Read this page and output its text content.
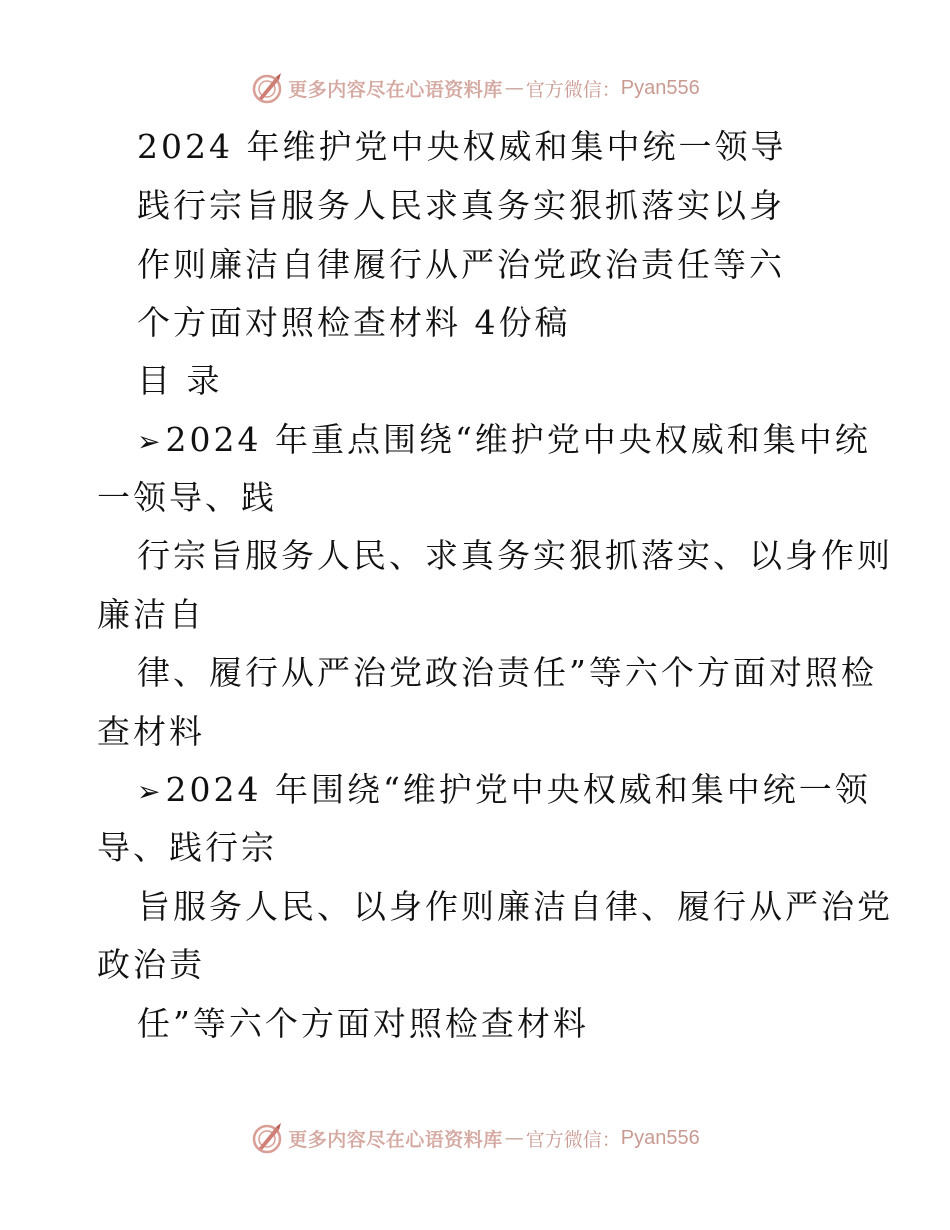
更多内容尽在心语资料库 — 官方微信： Pyan556
2024 年维护党中央权威和集中统一领导
践行宗旨服务人民求真务实狠抓落实以身
作则廉洁自律履行从严治党政治责任等六
个方面对照检查材料 4份稿
目 录
➢2024 年重点围绕“维护党中央权威和集中统
一领导、践
行宗旨服务人民、求真务实狠抓落实、以身作则
廉洁自
律、履行从严治党政治责任”等六个方面对照检
查材料
➢2024 年围绕“维护党中央权威和集中统一领
导、践行宗
旨服务人民、以身作则廉洁自律、履行从严治党
政治责
任”等六个方面对照检查材料
更多内容尽在心语资料库 — 官方微信： Pyan556
